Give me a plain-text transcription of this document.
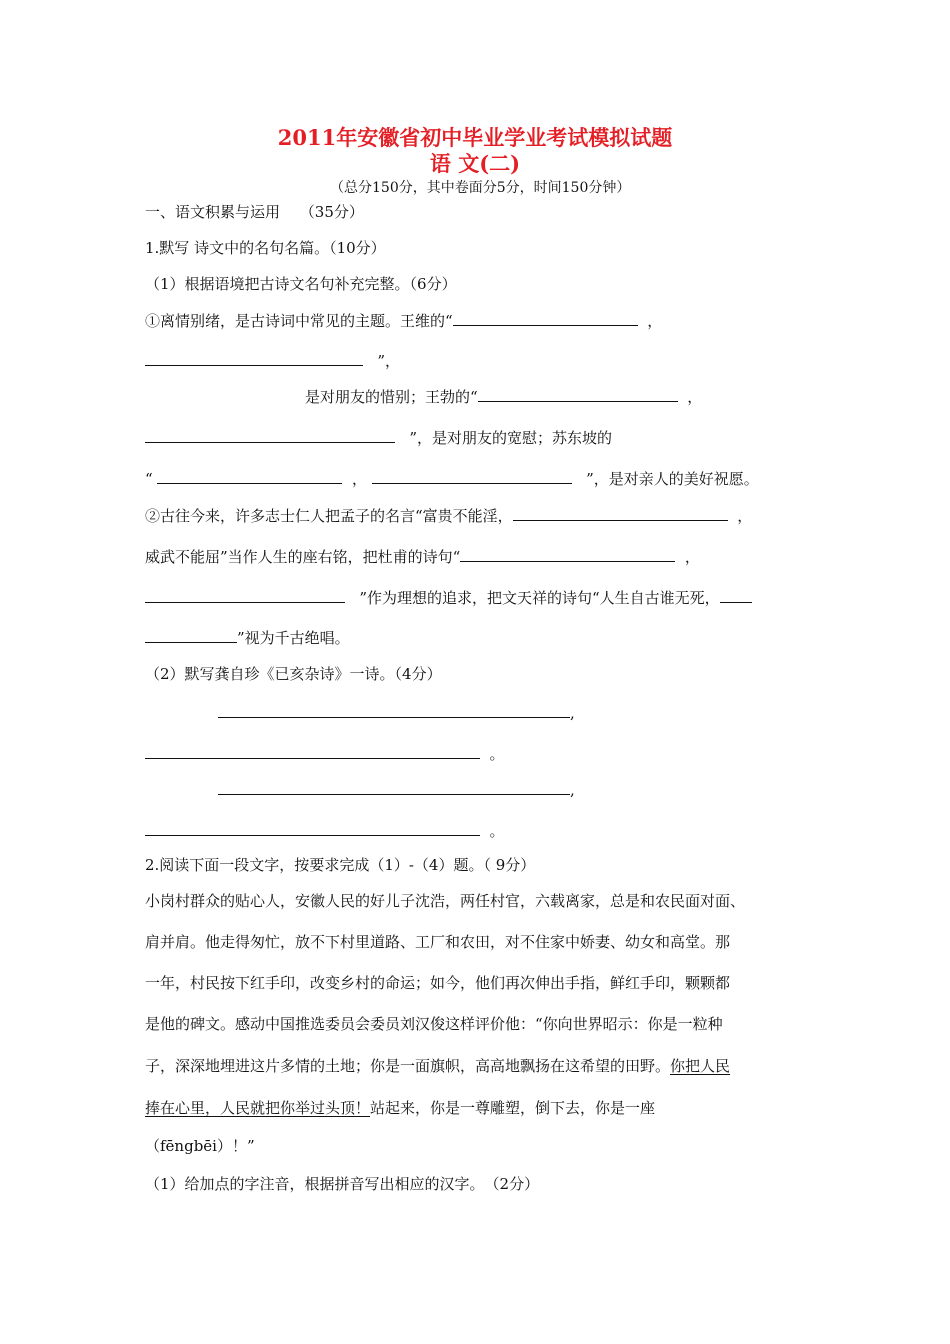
2011年安徽省初中毕业学业考试模拟试题
语 文(二)
（总分150分，其中卷面分5分，时间150分钟）
一、语文积累与运用　 （35分）
1.默写 诗文中的名句名篇。（10分）
（1）根据语境把古诗文名句补充完整。（6分）
①离情别绪，是古诗词中常见的主题。王维的“	，
”，
是对朋友的惜别；王勃的“	，
”，是对朋友的宽慰；苏东坡的
“	，	”，是对亲人的美好祝愿。
②古往今来，许多志士仁人把孟子的名言“富贵不能淫，	，
威武不能屈”当作人生的座右铭，把杜甫的诗句“	，
”作为理想的追求，把文天祥的诗句“人生自古谁无死，
”视为千古绝唱。
（2）默写龚自珍《已亥杂诗》一诗。（4分）
,
。
,
。
2.阅读下面一段文字，按要求完成（1）-（4）题。（ 9分）
小岗村群众的贴心人，安徽人民的好儿子沈浩，两任村官，六载离家，总是和农民面对面、
肩并肩。他走得匆忙，放不下村里道路、工厂和农田，对不住家中娇妻、幼女和高堂。那
一年，村民按下红手印，改变乡村的命运；如今，他们再次伸出手指，鲜红手印，颗颗都
是他的碑文。感动中国推选委员会委员刘汉俊这样评价他：“你向世界昭示：你是一粒种
子，深深地埋进这片多情的土地；你是一面旗帜，高高地飘扬在这希望的田野。你把人民
捧在心里，人民就把你举过头顶！站起来，你是一尊雕塑，倒下去，你是一座
（fēngbēi）！”
（1）给加点的字注音，根据拼音写出相应的汉字。　（2分）
